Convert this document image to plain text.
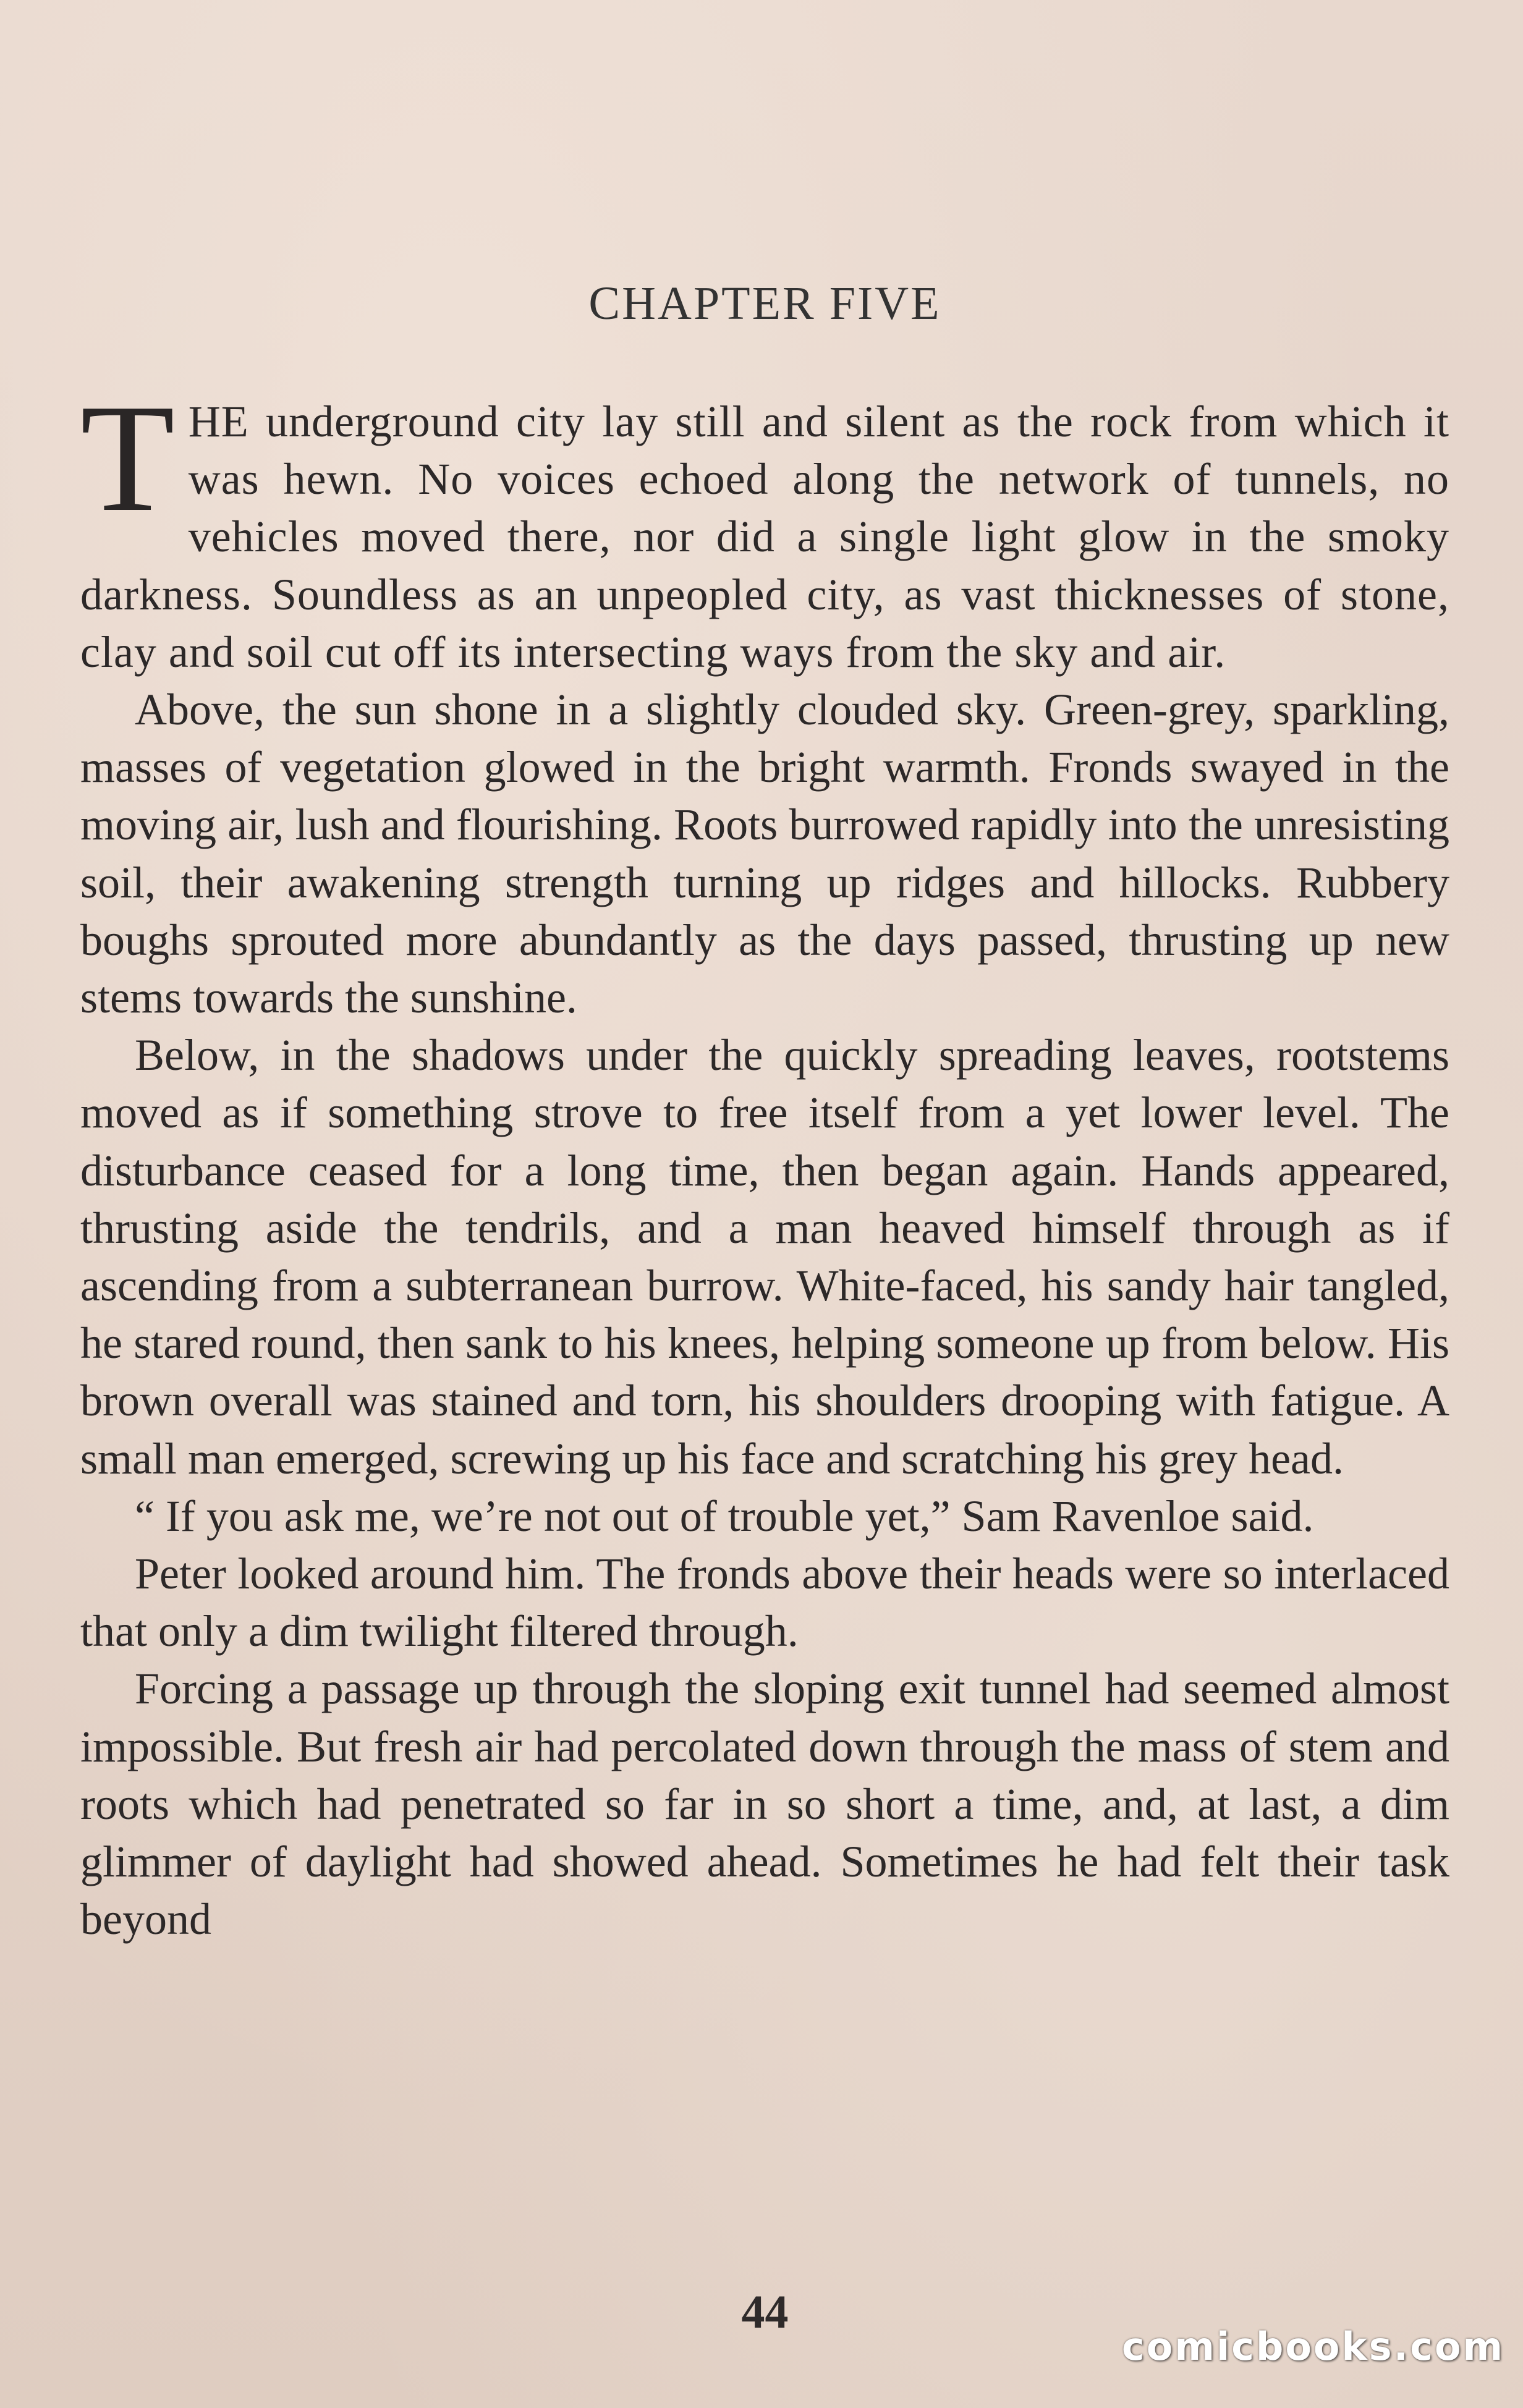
CHAPTER FIVE

THE underground city lay still and silent as the rock from which it was hewn. No voices echoed along the network of tunnels, no vehicles moved there, nor did a single light glow in the smoky darkness. Soundless as an unpeopled city, as vast thicknesses of stone, clay and soil cut off its intersecting ways from the sky and air.

Above, the sun shone in a slightly clouded sky. Green-grey, sparkling, masses of vegetation glowed in the bright warmth. Fronds swayed in the moving air, lush and flourishing. Roots burrowed rapidly into the unresisting soil, their awakening strength turning up ridges and hillocks. Rubbery boughs sprouted more abundantly as the days passed, thrusting up new stems towards the sunshine.

Below, in the shadows under the quickly spreading leaves, rootstems moved as if something strove to free itself from a yet lower level. The disturbance ceased for a long time, then began again. Hands appeared, thrusting aside the tendrils, and a man heaved himself through as if ascending from a subterranean burrow. White-faced, his sandy hair tangled, he stared round, then sank to his knees, helping someone up from below. His brown overall was stained and torn, his shoulders drooping with fatigue. A small man emerged, screwing up his face and scratching his grey head.

“ If you ask me, we’re not out of trouble yet,” Sam Ravenloe said.

Peter looked around him. The fronds above their heads were so interlaced that only a dim twilight filtered through.

Forcing a passage up through the sloping exit tunnel had seemed almost impossible. But fresh air had percolated down through the mass of stem and roots which had penetrated so far in so short a time, and, at last, a dim glimmer of daylight had showed ahead. Sometimes he had felt their task beyond

44
comicbooks.com
